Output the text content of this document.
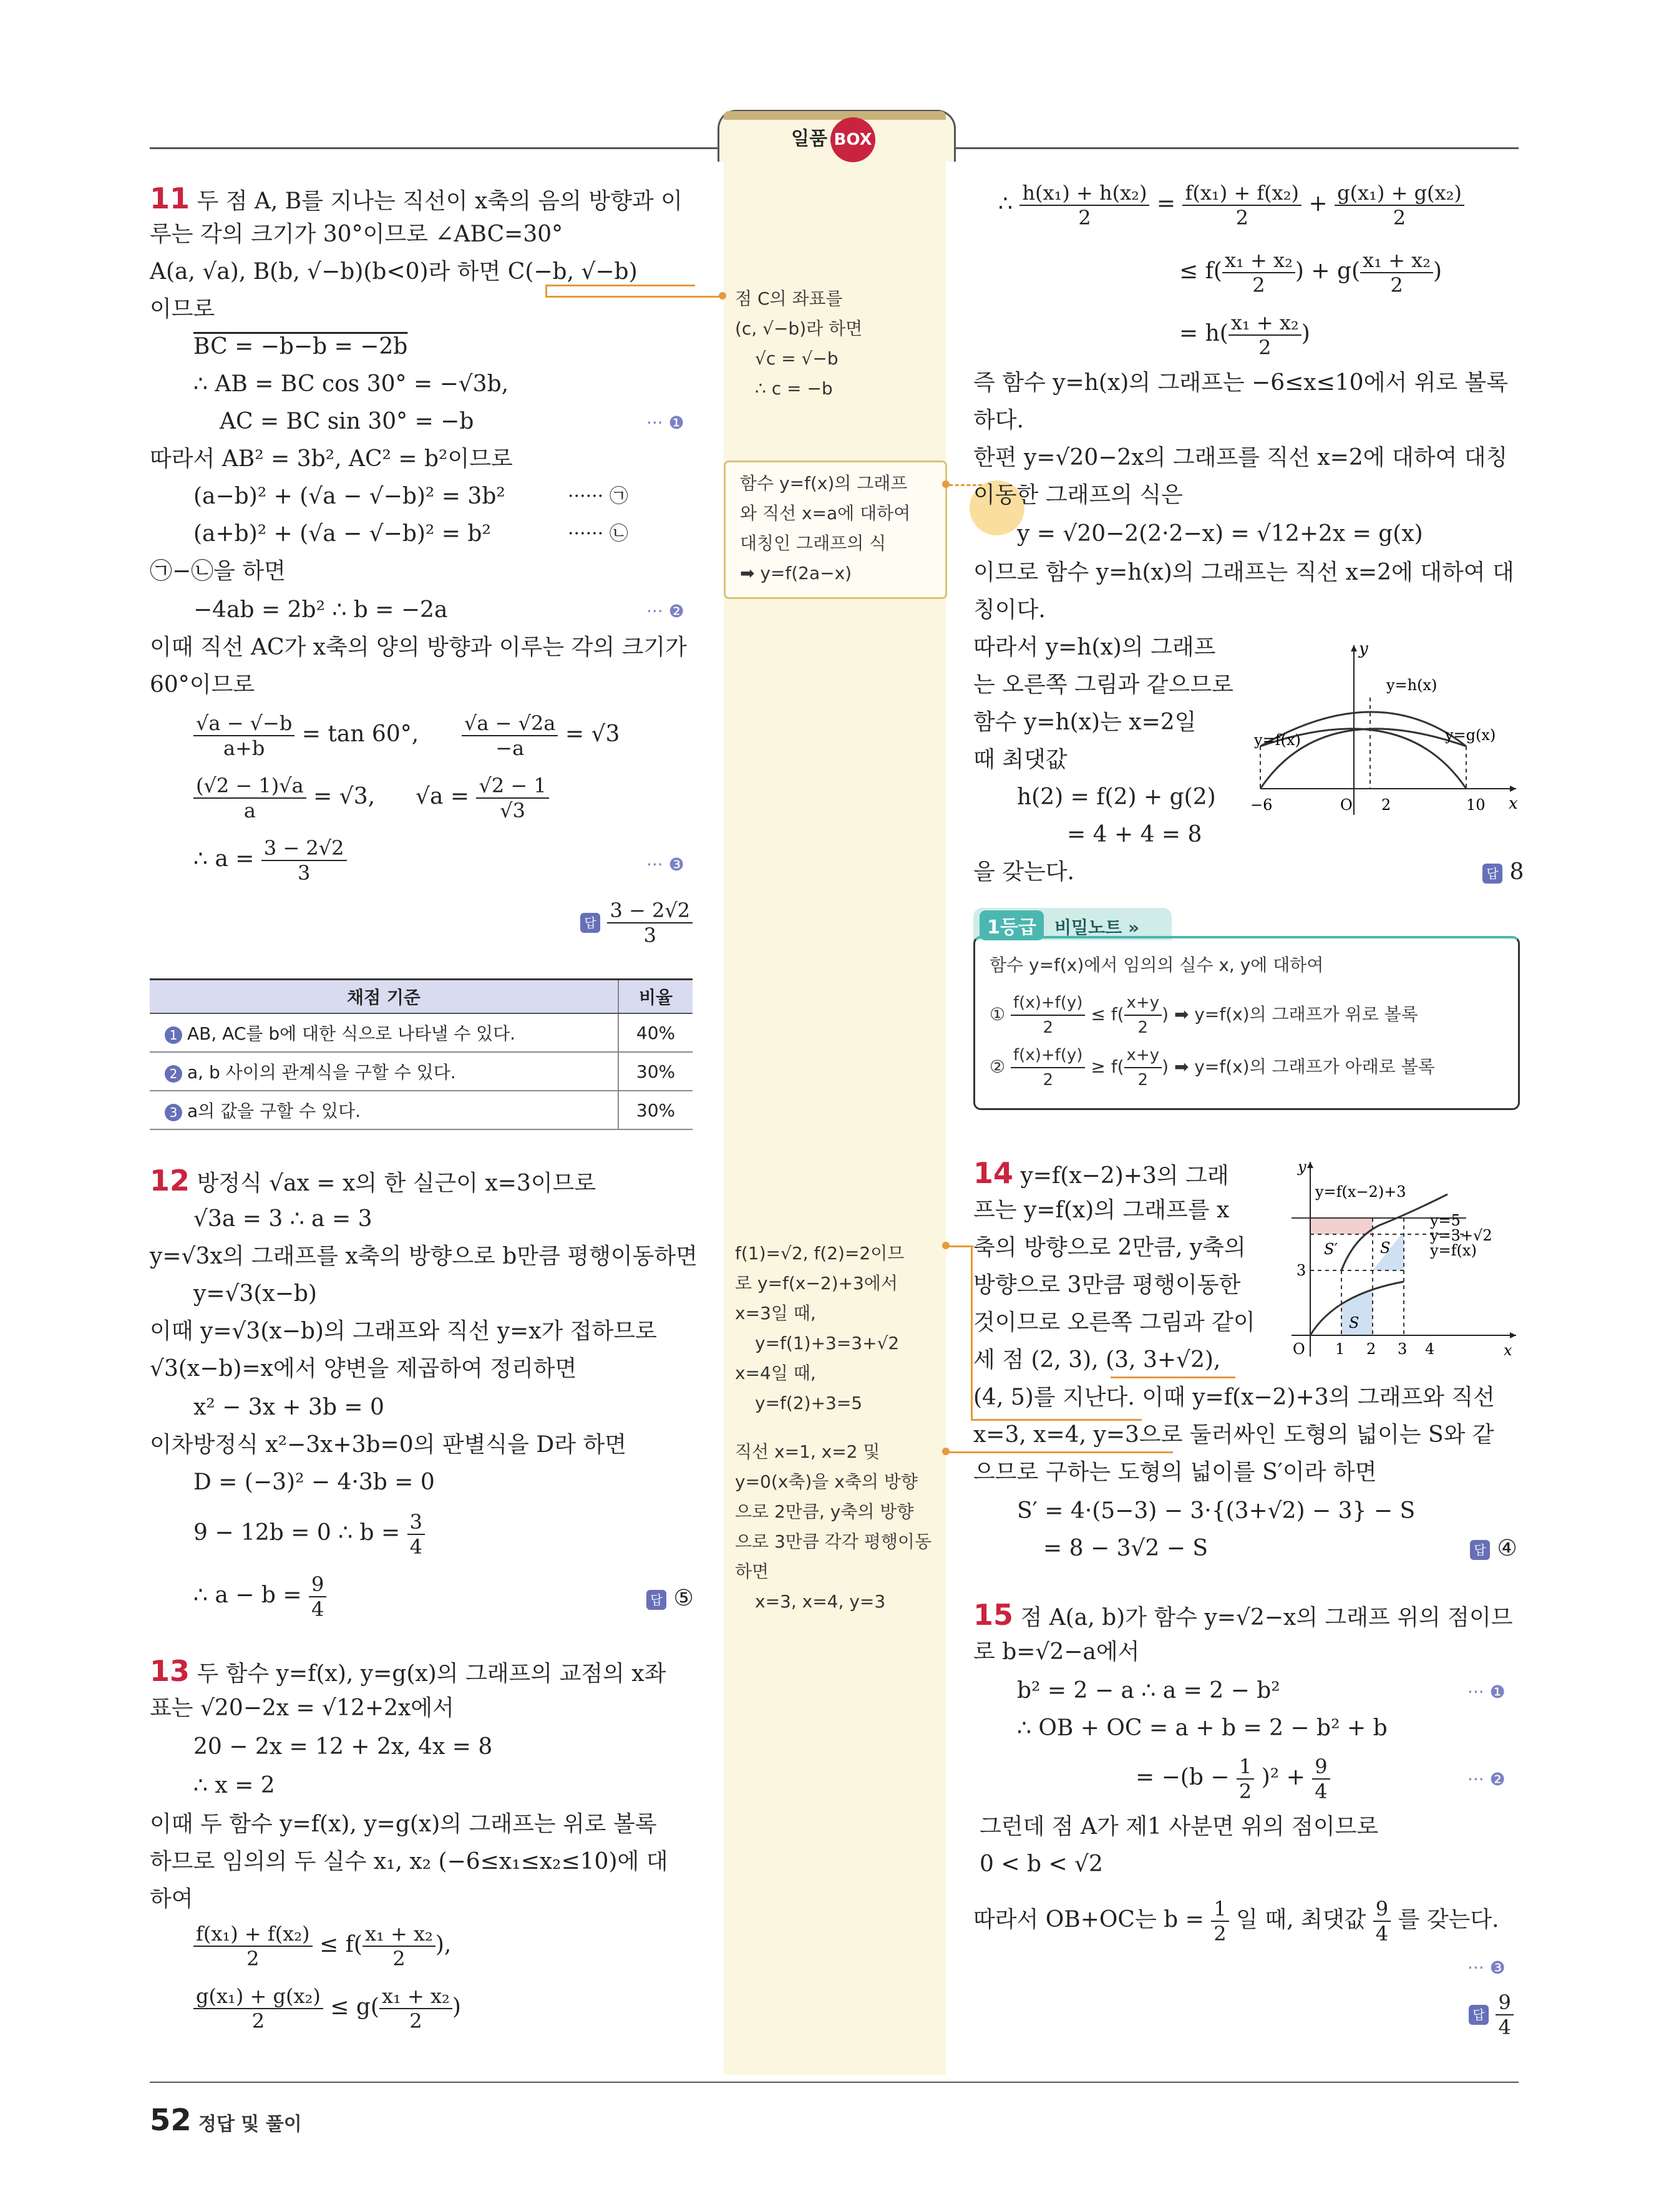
일품 BOX
11 두 점 A, B를 지나는 직선이 x축의 음의 방향과 이
루는 각의 크기가 30°이므로 ∠ABC=30°
A(a, √a), B(b, √−b)(b<0)라 하면 C(−b, √−b)
이므로
BC = −b−b = −2b
∴ AB = BC cos 30° = −√3b,
AC = BC sin 30° = −b	··· ❶
따라서 AB² = 3b², AC² = b²이므로
(a−b)² + (√a − √−b)² = 3b²	······ ㉠
(a+b)² + (√a − √−b)² = b²	······ ㉡
㉠−㉡을 하면
−4ab = 2b² ∴ b = −2a	··· ❷
이때 직선 AC가 x축의 양의 방향과 이루는 각의 크기가
60°이므로
$\frac{√a - √-b}{a+b} = \tan 60^\circ$, $\frac{√a - √2a}{-a} = √3$
$\frac{(√2 - 1)√a}{a} = √3$, $√a = \frac{√2 - 1}{√3}$
∴ $a = \frac{3 - 2√2}{3}$	··· ❸
답 $\frac{3 - 2√2}{3}$
채점 기준	비율
1 AB, AC를 b에 대한 식으로 나타낼 수 있다.	40%
2 a, b 사이의 관계식을 구할 수 있다.	30%
3 a의 값을 구할 수 있다.	30%
12 방정식 √ax = x의 한 실근이 x=3이므로
√3a = 3 ∴ a = 3
y=√3x의 그래프를 x축의 방향으로 b만큼 평행이동하면
y=√3(x−b)
이때 y=√3(x−b)의 그래프와 직선 y=x가 접하므로
√3(x−b)=x에서 양변을 제곱하여 정리하면
x² − 3x + 3b = 0
이차방정식 x²−3x+3b=0의 판별식을 D라 하면
D = (−3)² − 4·3b = 0
9 − 12b = 0 ∴ $b = \frac{3}{4}$
∴ $a - b = \frac{9}{4}$	답 ⑤
13 두 함수 y=f(x), y=g(x)의 그래프의 교점의 x좌
표는 √20−2x = √12+2x에서
20 − 2x = 12 + 2x, 4x = 8
∴ x = 2
이때 두 함수 y=f(x), y=g(x)의 그래프는 위로 볼록
하므로 임의의 두 실수 x₁, x₂ (−6≤x₁≤x₂≤10)에 대
하여
$\frac{\text{f(x₁) + f(x₂)}}{2} \le f( \frac{\text{x₁ + x₂}}{2}$ ),
$\frac{\text{g(x₁) + g(x₂)}}{2} \le g( \frac{\text{x₁ + x₂}}{2}$ )
점 C의 좌표를
(c, √−b)라 하면
√c = √−b
∴ c = −b
함수 y=f(x)의 그래프
와 직선 x=a에 대하여
대칭인 그래프의 식
➡ y=f(2a−x)
f(1)=√2, f(2)=2이므
로 y=f(x−2)+3에서
x=3일 때,
y=f(1)+3=3+√2
x=4일 때,
y=f(2)+3=5
직선 x=1, x=2 및
y=0(x축)을 x축의 방향
으로 2만큼, y축의 방향
으로 3만큼 각각 평행이동
하면
x=3, x=4, y=3
∴ $\frac{\text{h(x₁) + h(x₂)}}{2} = \frac{\text{f(x₁) + f(x₂)}}{2} + \frac{\text{g(x₁) + g(x₂)}}{2}$
≤ $f( \frac{\text{x₁ + x₂}}{2}$ ) + $g( \frac{\text{x₁ + x₂}}{2}$ )
= $h( \frac{\text{x₁ + x₂}}{2}$ )
즉 함수 y=h(x)의 그래프는 −6≤x≤10에서 위로 볼록
하다.
한편 y=√20−2x의 그래프를 직선 x=2에 대하여 대칭
이동한 그래프의 식은
y = √20−2(2·2−x) = √12+2x = g(x)
이므로 함수 y=h(x)의 그래프는 직선 x=2에 대하여 대
칭이다.
따라서 y=h(x)의 그래프
는 오른쪽 그림과 같으므로
함수 y=h(x)는 x=2일
때 최댓값
h(2) = f(2) + g(2)
= 4 + 4 = 8
을 갖는다.	답 8
y
x
y=h(x)
y=f(x)	y=g(x)
−6	O 2	10
1등급	비밀노트 »
함수 y=f(x)에서 임의의 실수 x, y에 대하여
① $\frac{f(x)+f(y)}{2} \le f( \frac{x+y}{2}$ ) ➡ y=f(x)의 그래프가 위로 볼록
② $\frac{f(x)+f(y)}{2} \ge f( \frac{x+y}{2}$ ) ➡ y=f(x)의 그래프가 아래로 볼록
14 y=f(x−2)+3의 그래
프는 y=f(x)의 그래프를 x
축의 방향으로 2만큼, y축의
방향으로 3만큼 평행이동한
것이므로 오른쪽 그림과 같이
세 점 (2, 3), (3, 3+√2),
(4, 5)를 지난다. 이때 y=f(x−2)+3의 그래프와 직선
x=3, x=4, y=3으로 둘러싸인 도형의 넓이는 S와 같
으므로 구하는 도형의 넓이를 S′이라 하면
S′ = 4·(5−3) − 3·{(3+√2) − 3} − S
= 8 − 3√2 − S	답 ④
y
x
y=f(x−2)+3
y=f(x)
y=5
y=3+√2
S′	S
S
3
O 1 2 3 4
15 점 A(a, b)가 함수 y=√2−x의 그래프 위의 점이므
로 b=√2−a에서
b² = 2 − a ∴ a = 2 − b²	··· ❶
∴ OB + OC = a + b = 2 − b² + b
= $-(b - \frac{1}{2} )^2 + \frac{9}{4}$	··· ❷
그런데 점 A가 제1 사분면 위의 점이므로
0 < b < √2
따라서 OB+OC는 $b = \frac{1}{2}$ 일 때, 최댓값 $\frac{9}{4}$ 를 갖는다.
··· ❸
답 $\frac{9}{4}$
52 정답 및 풀이
